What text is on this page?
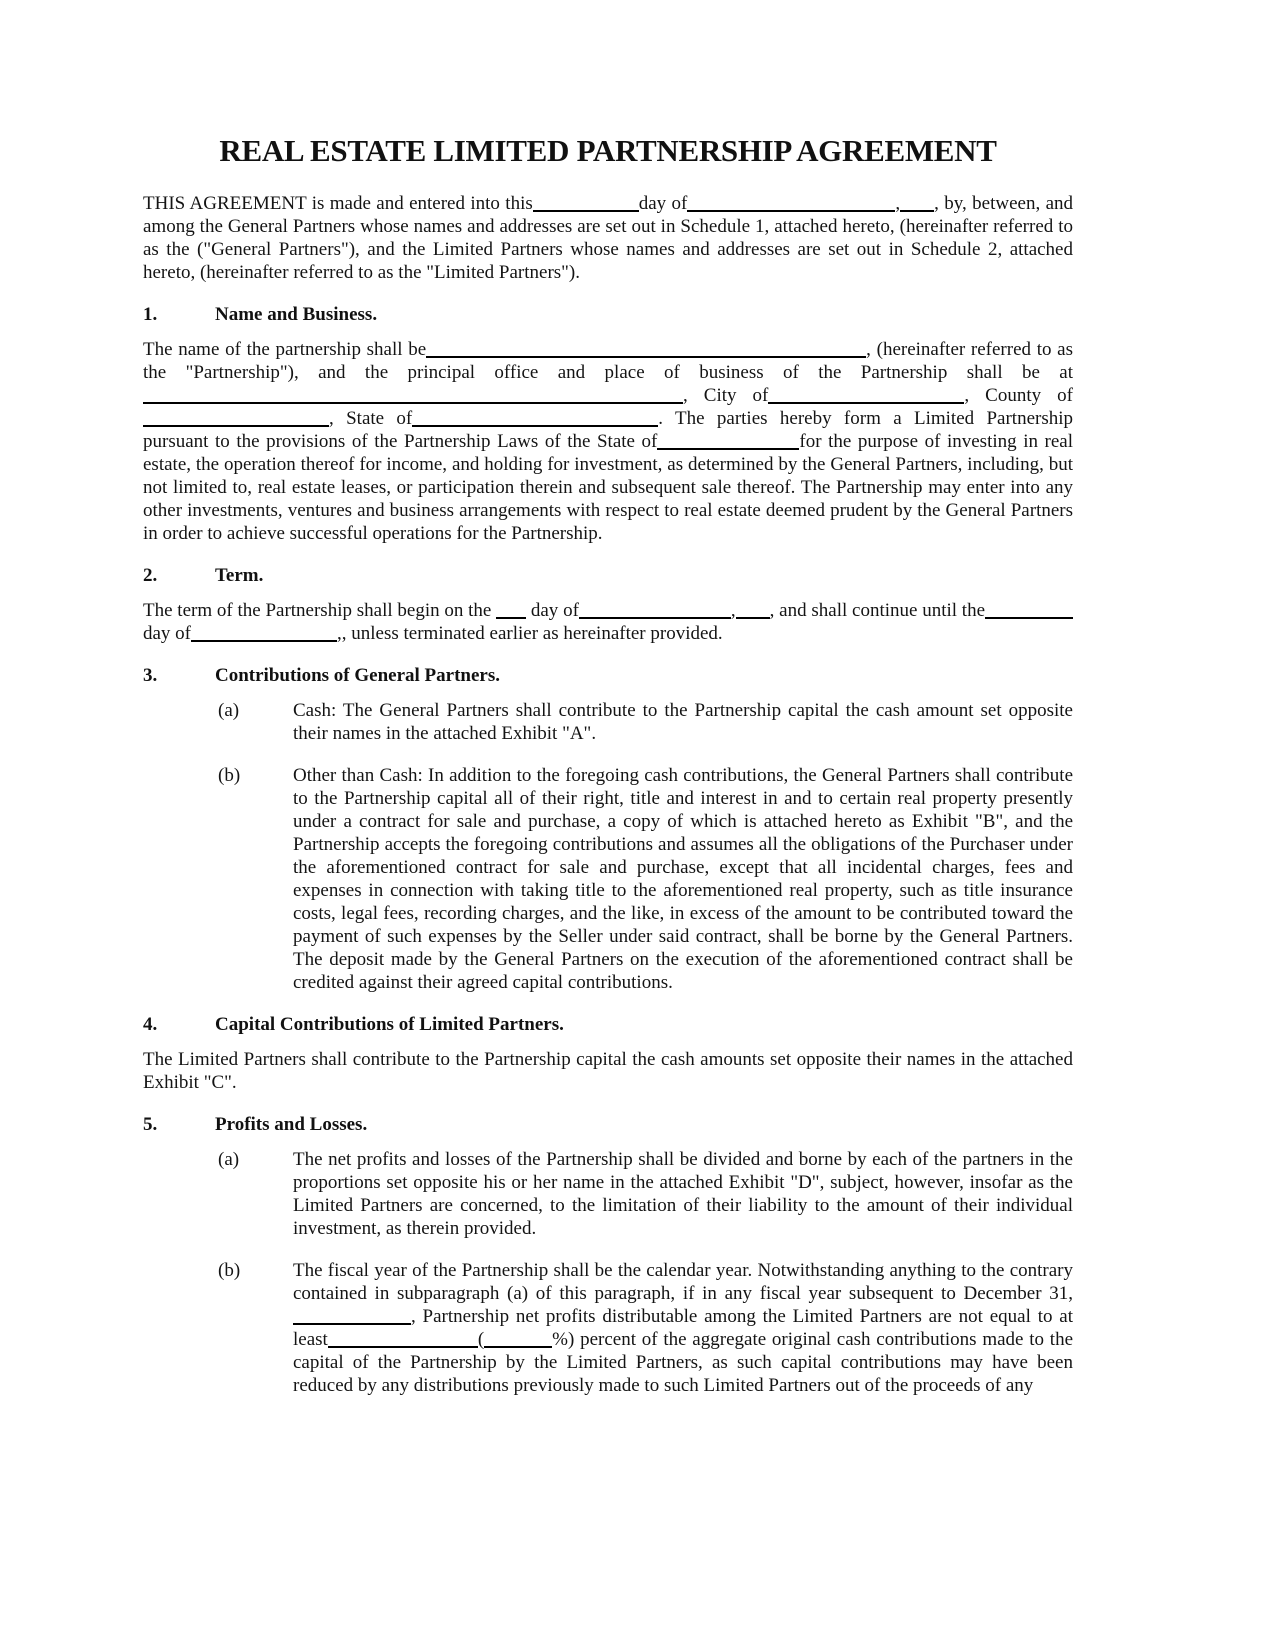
REAL ESTATE LIMITED PARTNERSHIP AGREEMENT
THIS AGREEMENT is made and entered into this	day of	, , by, between, and among the General Partners whose names and addresses are set out in Schedule 1, attached hereto, (hereinafter referred to as the ("General Partners"), and the Limited Partners whose names and addresses are set out in Schedule 2, attached hereto, (hereinafter referred to as the "Limited Partners").
1.	Name and Business.
The name of the partnership shall be	, (hereinafter referred to as the "Partnership"), and the principal office and place of business of the Partnership shall be at, City of	, County of, State of	. The parties hereby form a Limited Partnership pursuant to the provisions of the Partnership Laws of the State of	for the purpose of investing in real estate, the operation thereof for income, and holding for investment, as determined by the General Partners, including, but not limited to, real estate leases, or participation therein and subsequent sale thereof. The Partnership may enter into any other investments, ventures and business arrangements with respect to real estate deemed prudent by the General Partners in order to achieve successful operations for the Partnership.
2.	Term.
The term of the Partnership shall begin on the  day of	, , and shall continue until theday of	,, unless terminated earlier as hereinafter provided.
3.	Contributions of General Partners.
(a)	Cash: The General Partners shall contribute to the Partnership capital the cash amount set opposite their names in the attached Exhibit "A".
(b)	Other than Cash: In addition to the foregoing cash contributions, the General Partners shall contribute to the Partnership capital all of their right, title and interest in and to certain real property presently under a contract for sale and purchase, a copy of which is attached hereto as Exhibit "B", and the Partnership accepts the foregoing contributions and assumes all the obligations of the Purchaser under the aforementioned contract for sale and purchase, except that all incidental charges, fees and expenses in connection with taking title to the aforementioned real property, such as title insurance costs, legal fees, recording charges, and the like, in excess of the amount to be contributed toward the payment of such expenses by the Seller under said contract, shall be borne by the General Partners. The deposit made by the General Partners on the execution of the aforementioned contract shall be credited against their agreed capital contributions.
4.	Capital Contributions of Limited Partners.
The Limited Partners shall contribute to the Partnership capital the cash amounts set opposite their names in the attached Exhibit "C".
5.	Profits and Losses.
(a)	The net profits and losses of the Partnership shall be divided and borne by each of the partners in the proportions set opposite his or her name in the attached Exhibit "D", subject, however, insofar as the Limited Partners are concerned, to the limitation of their liability to the amount of their individual investment, as therein provided.
(b)	The fiscal year of the Partnership shall be the calendar year. Notwithstanding anything to the contrary contained in subparagraph (a) of this paragraph, if in any fiscal year subsequent to December 31,, Partnership net profits distributable among the Limited Partners are not equal to at least	(	%) percent of the aggregate original cash contributions made to the capital of the Partnership by the Limited Partners, as such capital contributions may have been reduced by any distributions previously made to such Limited Partners out of the proceeds of any
